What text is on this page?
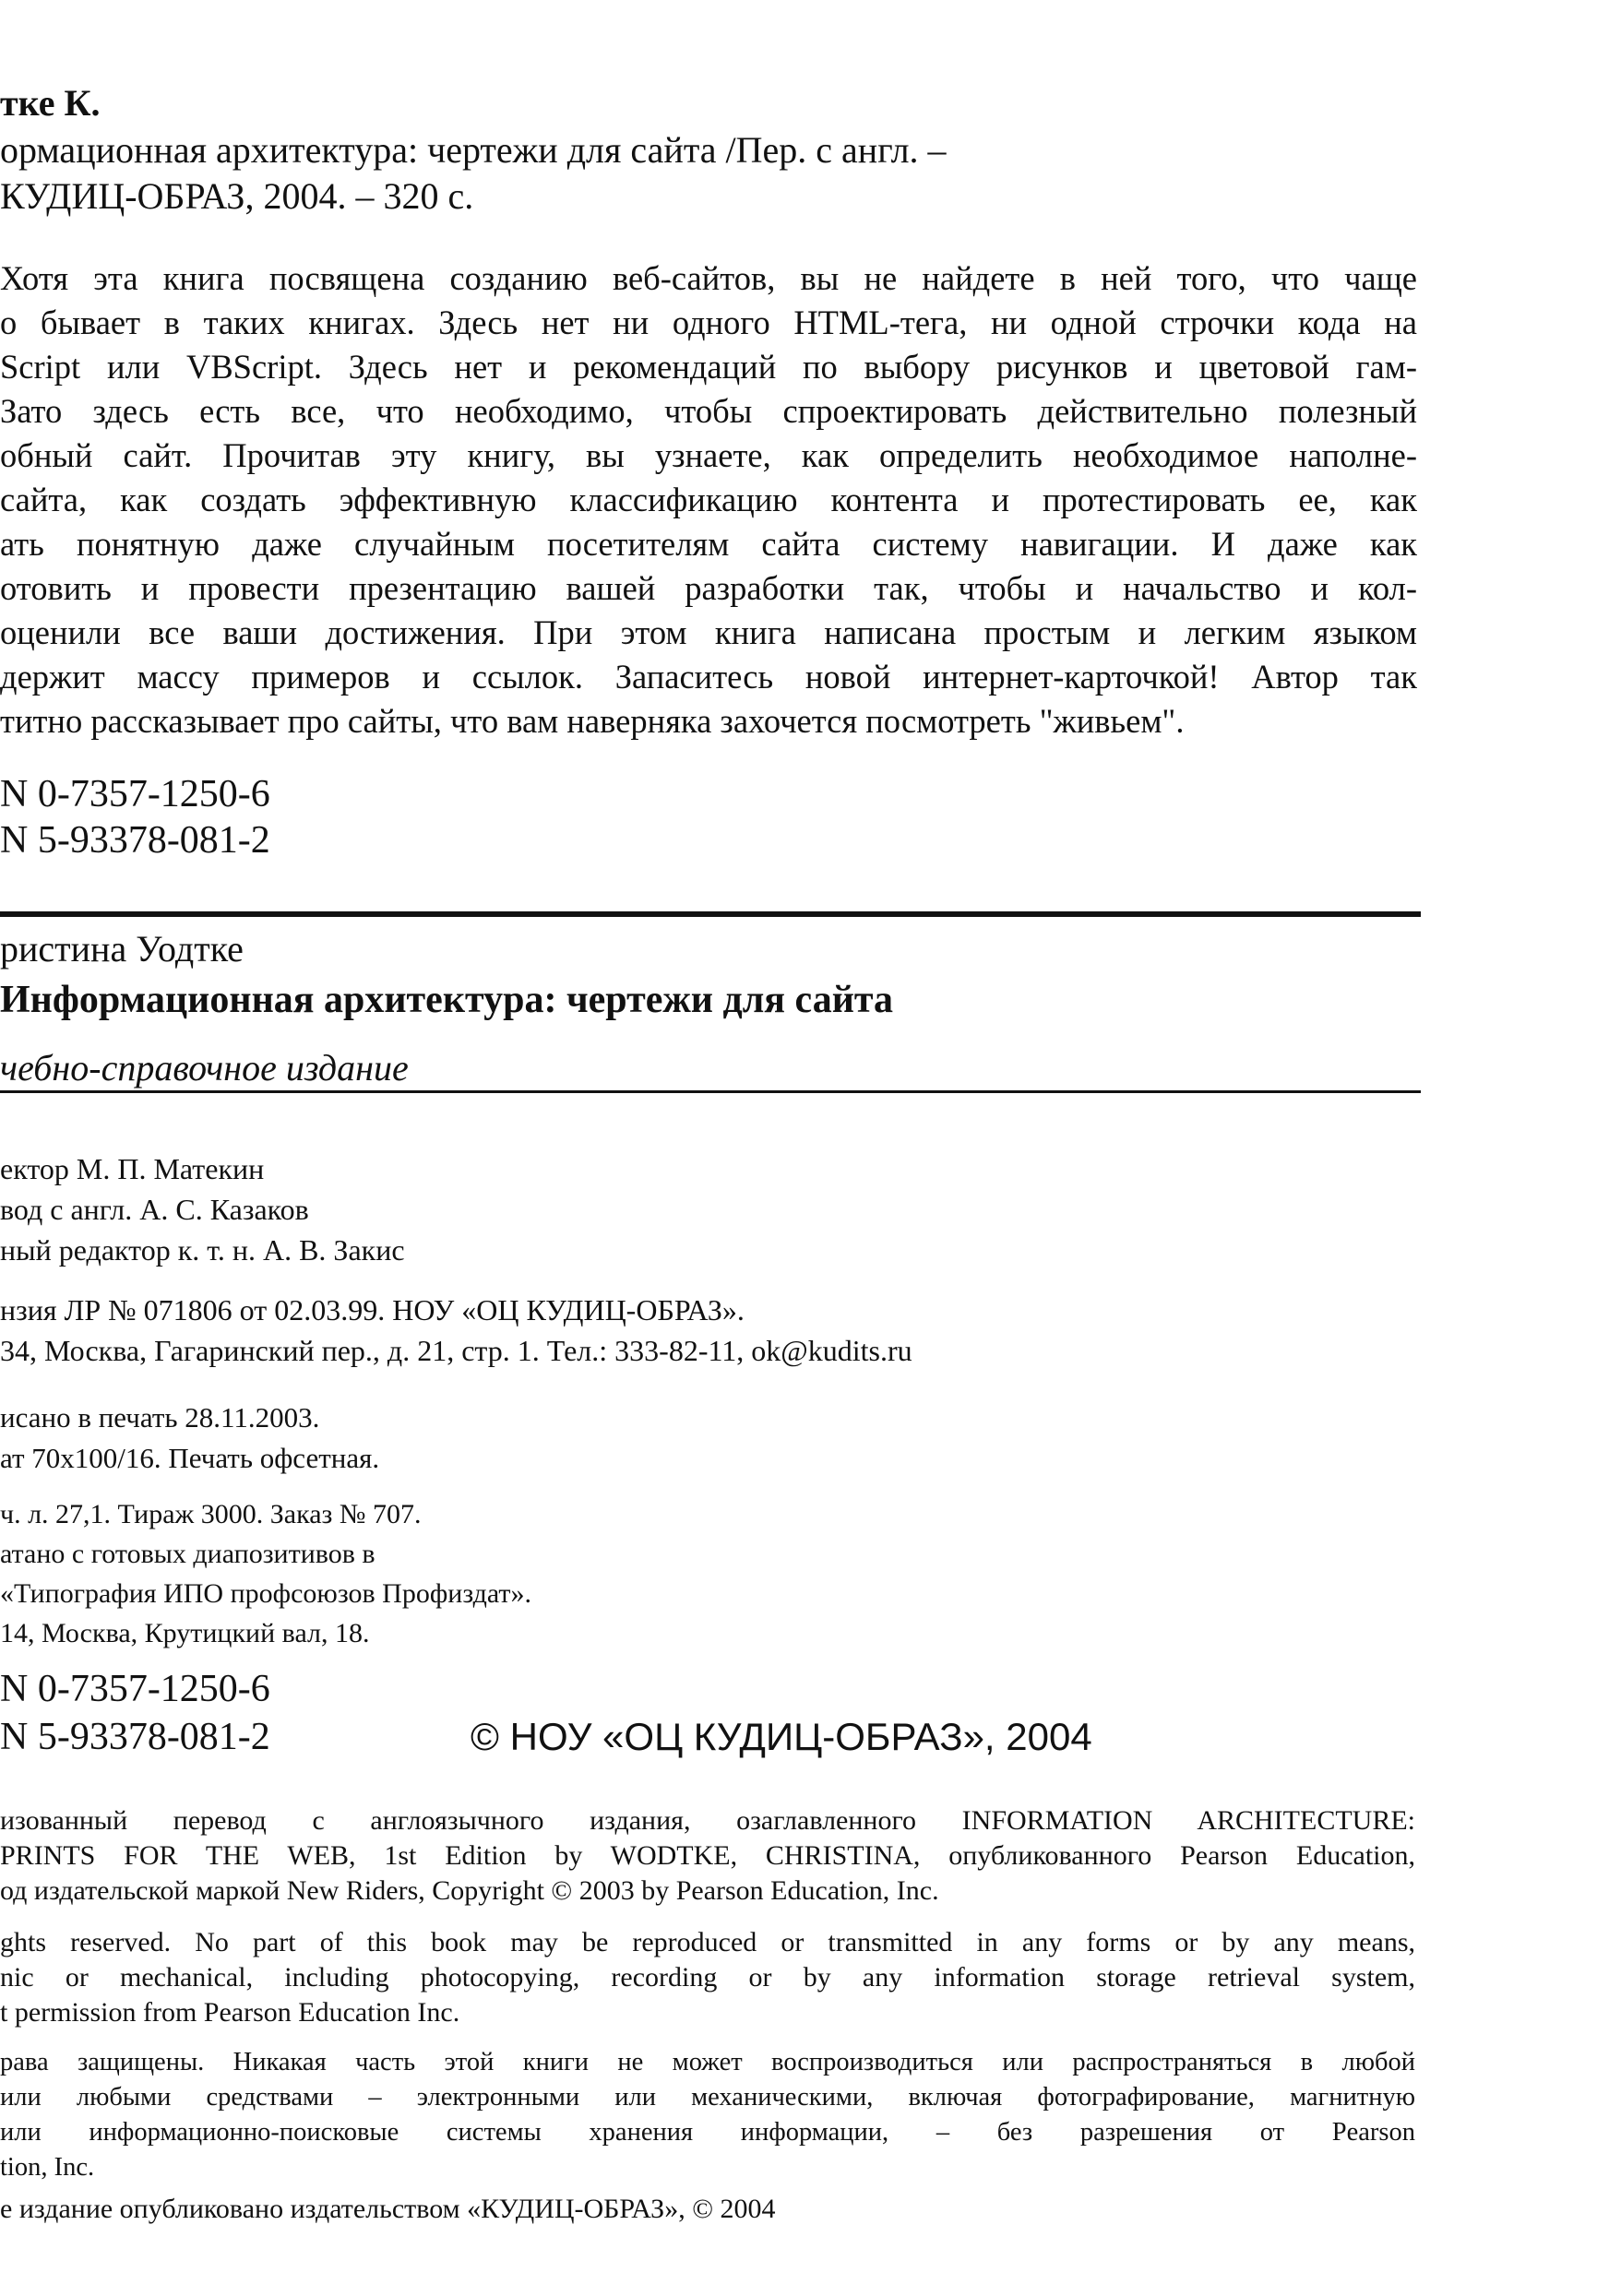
тке К.
ормационная архитектура: чертежи для сайта /Пер. с англ. –
КУДИЦ-ОБРАЗ, 2004. – 320 с.
Хотя эта книга посвящена созданию веб-сайтов, вы не найдете в ней того, что чаще
о бывает в таких книгах. Здесь нет ни одного HTML-тега, ни одной строчки кода на
Script или VBScript. Здесь нет и рекомендаций по выбору рисунков и цветовой гам-
Зато здесь есть все, что необходимо, чтобы спроектировать действительно полезный
обный сайт. Прочитав эту книгу, вы узнаете, как определить необходимое наполне-
сайта, как создать эффективную классификацию контента и протестировать ее, как
ать понятную даже случайным посетителям сайта систему навигации. И даже как
отовить и провести презентацию вашей разработки так, чтобы и начальство и кол-
оценили все ваши достижения. При этом книга написана простым и легким языком
держит массу примеров и ссылок. Запаситесь новой интернет-карточкой! Автор так
титно рассказывает про сайты, что вам наверняка захочется посмотреть "живьем".
N 0-7357-1250-6
N 5-93378-081-2
ристина Уодтке
Информационная архитектура: чертежи для сайта
чебно-справочное издание
ектор М. П. Матекин
вод с англ. А. С. Казаков
ный редактор к. т. н. А. В. Закис
нзия ЛР № 071806 от 02.03.99. НОУ «ОЦ КУДИЦ-ОБРАЗ».
34, Москва, Гагаринский пер., д. 21, стр. 1. Тел.: 333-82-11, ok@kudits.ru
исано в печать 28.11.2003.
ат 70x100/16. Печать офсетная.
ч. л. 27,1. Тираж 3000. Заказ № 707.
атано с готовых диапозитивов в
«Типография ИПО профсоюзов Профиздат».
14, Москва, Крутицкий вал, 18.
N 0-7357-1250-6
N 5-93378-081-2	© НОУ «ОЦ КУДИЦ-ОБРАЗ», 2004
изованный перевод с англоязычного издания, озаглавленного INFORMATION ARCHITECTURE:
PRINTS FOR THE WEB, 1st Edition by WODTKE, CHRISTINA, опубликованного Pearson Education,
од издательской маркой New Riders, Copyright © 2003 by Pearson Education, Inc.
ghts reserved. No part of this book may be reproduced or transmitted in any forms or by any means,
nic or mechanical, including photocopying, recording or by any information storage retrieval system,
t permission from Pearson Education Inc.
рава защищены. Никакая часть этой книги не может воспроизводиться или распространяться в любой
или любыми средствами – электронными или механическими, включая фотографирование, магнитную
или информационно-поисковые системы хранения информации, – без разрешения от Pearson
tion, Inc.
е издание опубликовано издательством «КУДИЦ-ОБРАЗ», © 2004
